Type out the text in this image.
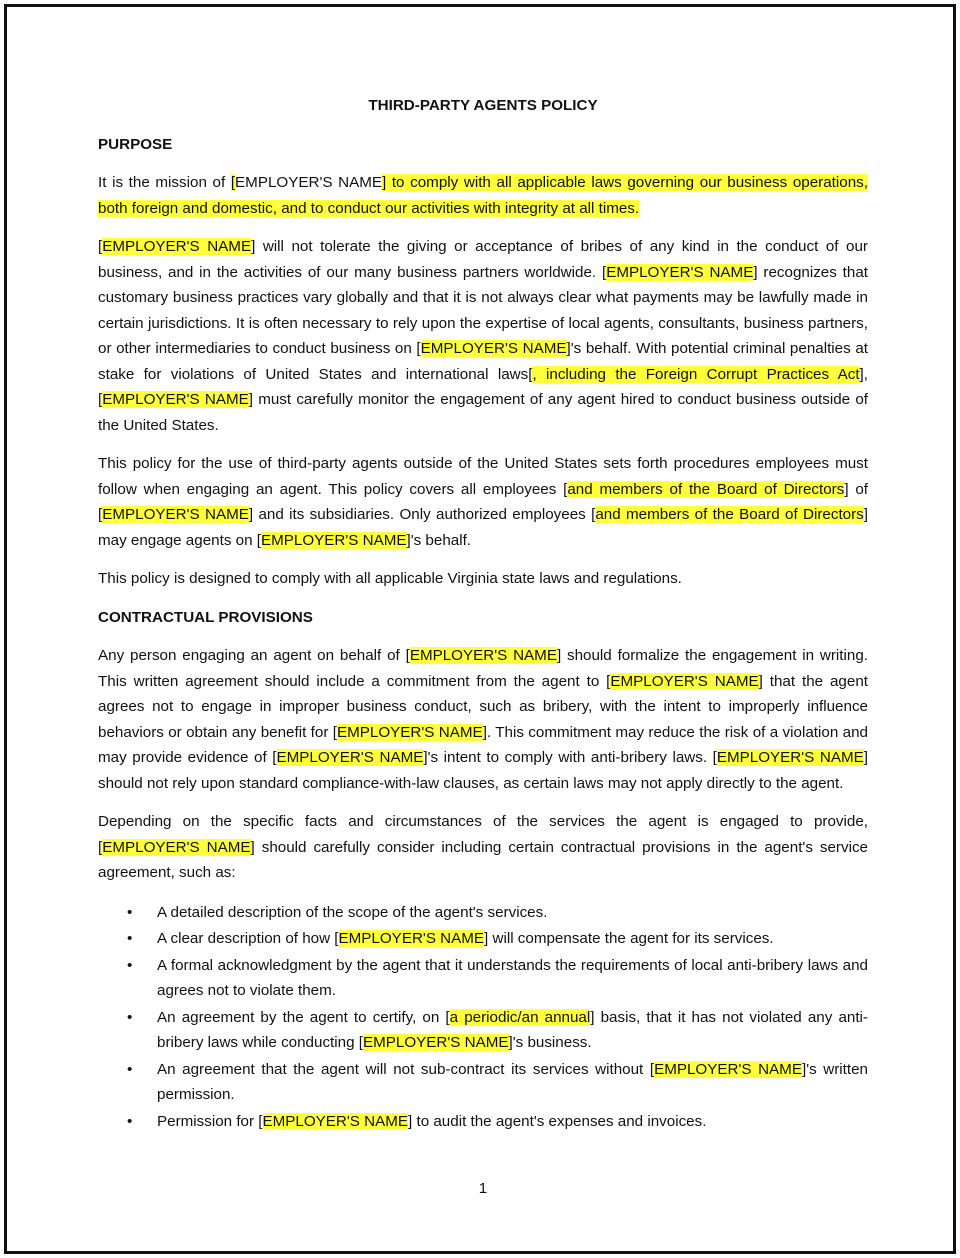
THIRD-PARTY AGENTS POLICY
PURPOSE

It is the mission of [EMPLOYER'S NAME] to comply with all applicable laws governing our business operations, both foreign and domestic, and to conduct our activities with integrity at all times.

[EMPLOYER'S NAME] will not tolerate the giving or acceptance of bribes of any kind in the conduct of our business, and in the activities of our many business partners worldwide. [EMPLOYER'S NAME] recognizes that customary business practices vary globally and that it is not always clear what payments may be lawfully made in certain jurisdictions. It is often necessary to rely upon the expertise of local agents, consultants, business partners, or other intermediaries to conduct business on [EMPLOYER'S NAME]'s behalf. With potential criminal penalties at stake for violations of United States and international laws[, including the Foreign Corrupt Practices Act], [EMPLOYER'S NAME] must carefully monitor the engagement of any agent hired to conduct business outside of the United States.

This policy for the use of third-party agents outside of the United States sets forth procedures employees must follow when engaging an agent. This policy covers all employees [and members of the Board of Directors] of [EMPLOYER'S NAME] and its subsidiaries. Only authorized employees [and members of the Board of Directors] may engage agents on [EMPLOYER'S NAME]'s behalf.

This policy is designed to comply with all applicable Virginia state laws and regulations.

CONTRACTUAL PROVISIONS

Any person engaging an agent on behalf of [EMPLOYER'S NAME] should formalize the engagement in writing. This written agreement should include a commitment from the agent to [EMPLOYER'S NAME] that the agent agrees not to engage in improper business conduct, such as bribery, with the intent to improperly influence behaviors or obtain any benefit for [EMPLOYER'S NAME]. This commitment may reduce the risk of a violation and may provide evidence of [EMPLOYER'S NAME]'s intent to comply with anti-bribery laws. [EMPLOYER'S NAME] should not rely upon standard compliance-with-law clauses, as certain laws may not apply directly to the agent.

Depending on the specific facts and circumstances of the services the agent is engaged to provide, [EMPLOYER'S NAME] should carefully consider including certain contractual provisions in the agent's service agreement, such as:

• A detailed description of the scope of the agent's services.
• A clear description of how [EMPLOYER'S NAME] will compensate the agent for its services.
• A formal acknowledgment by the agent that it understands the requirements of local anti-bribery laws and agrees not to violate them.
• An agreement by the agent to certify, on [a periodic/an annual] basis, that it has not violated any anti-bribery laws while conducting [EMPLOYER'S NAME]'s business.
• An agreement that the agent will not sub-contract its services without [EMPLOYER'S NAME]'s written permission.
• Permission for [EMPLOYER'S NAME] to audit the agent's expenses and invoices.
1
